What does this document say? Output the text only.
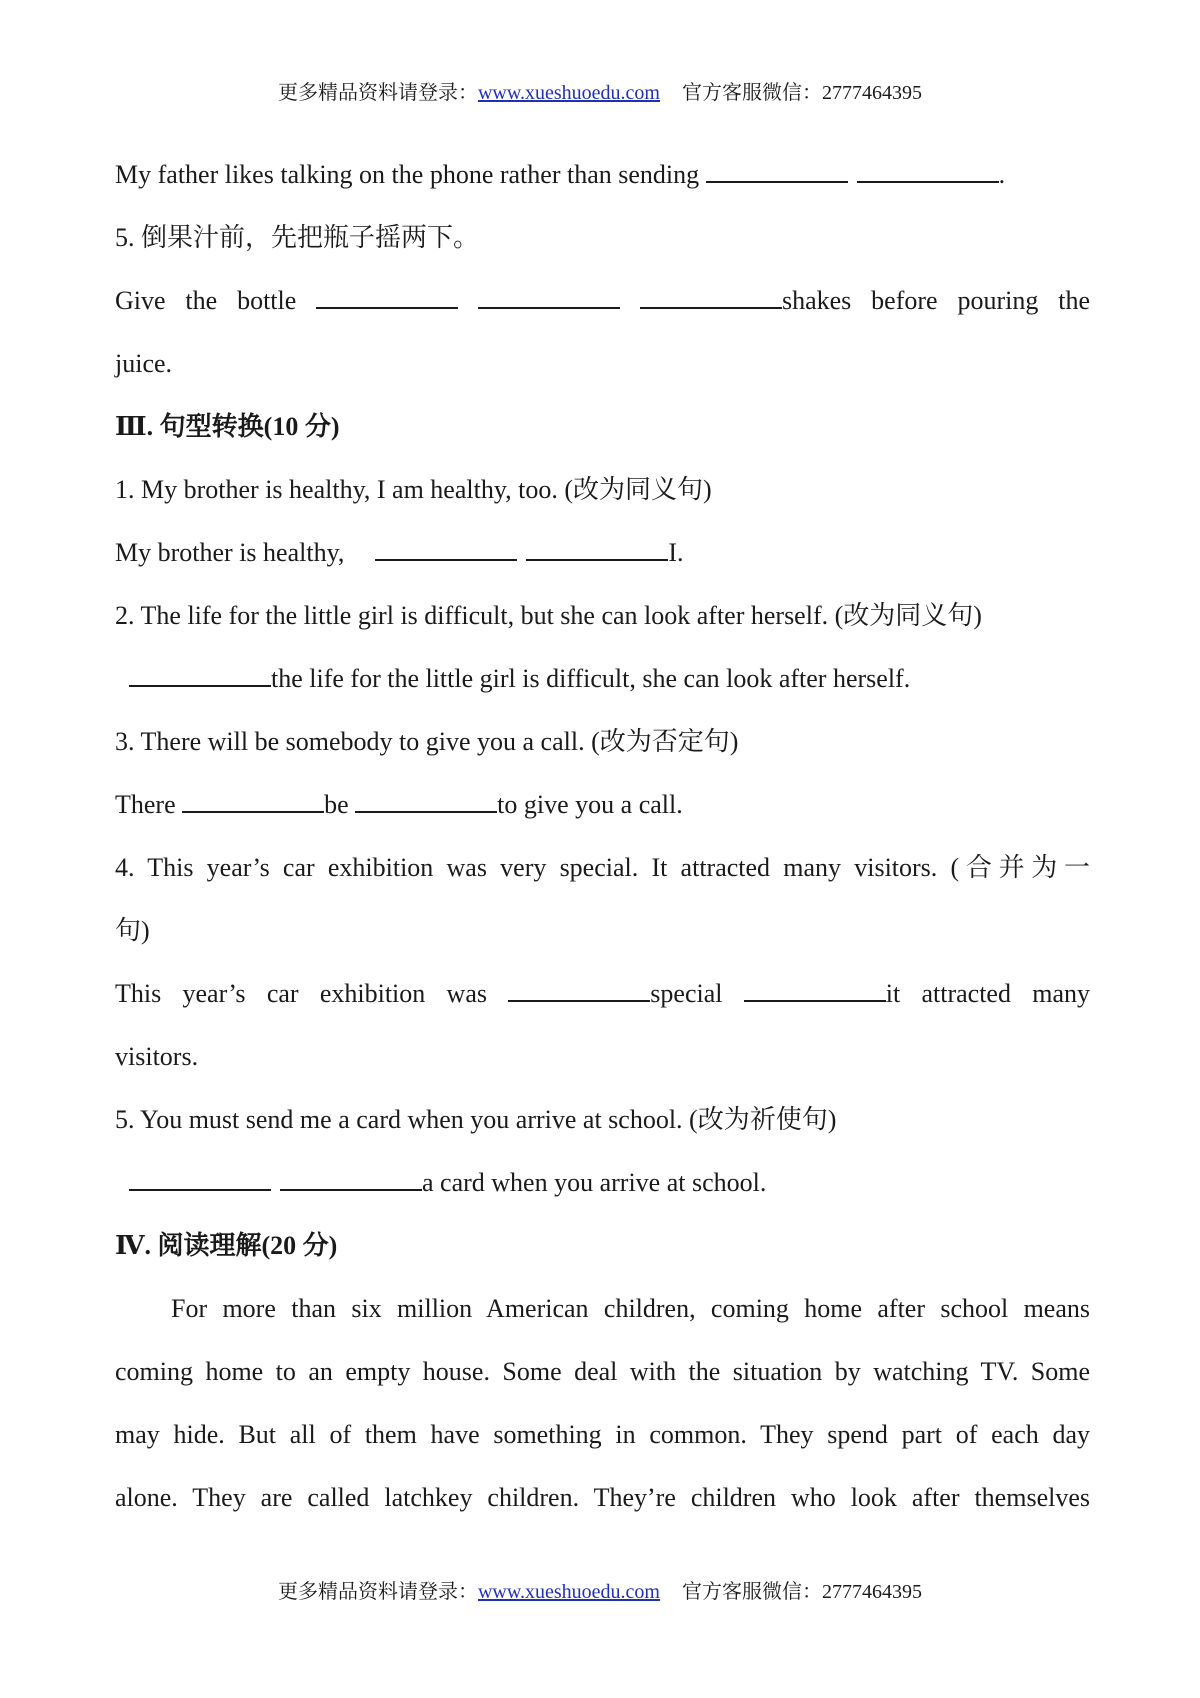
更多精品资料请登录：www.xueshuoedu.com 官方客服微信：2777464395
My father likes talking on the phone rather than sending	.
5. 倒果汁前，先把瓶子摇两下。
Give the bottle	shakes before pouring the
juice.
Ⅲ. 句型转换(10 分)
1. My brother is healthy, I am healthy, too. (改为同义句)
My brother is healthy,	I.
2. The life for the little girl is difficult, but she can look after herself. (改为同义句)
the life for the little girl is difficult, she can look after herself.
3. There will be somebody to give you a call. (改为否定句)
There	be	to give you a call.
4. This year’s car exhibition was very special. It attracted many visitors. (合并为一
句)
This year’s car exhibition was	special	it attracted many
visitors.
5. You must send me a card when you arrive at school. (改为祈使句)
a card when you arrive at school.
Ⅳ. 阅读理解(20 分)
For more than six million American children, coming home after school means
coming home to an empty house. Some deal with the situation by watching TV. Some
may hide. But all of them have something in common. They spend part of each day
alone. They are called latchkey children. They’re children who look after themselves
更多精品资料请登录：www.xueshuoedu.com 官方客服微信：2777464395
